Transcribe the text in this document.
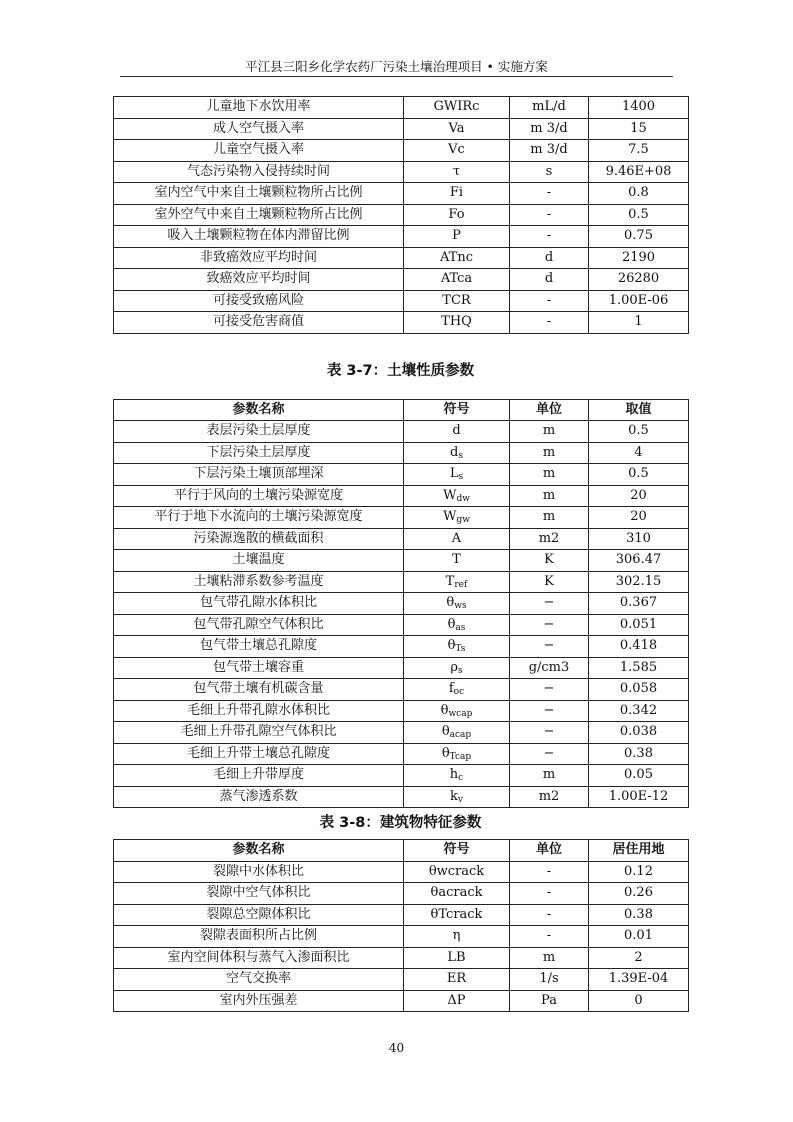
平江县三阳乡化学农药厂污染土壤治理项目 • 实施方案
儿童地下水饮用率	GWIRc	mL/d	1400
成人空气摄入率	Va	m 3/d	15
儿童空气摄入率	Vc	m 3/d	7.5
气态污染物入侵持续时间	τ	s	9.46E+08
室内空气中来自土壤颗粒物所占比例	Fi	-	0.8
室外空气中来自土壤颗粒物所占比例	Fo	-	0.5
吸入土壤颗粒物在体内滞留比例	P	-	0.75
非致癌效应平均时间	ATnc	d	2190
致癌效应平均时间	ATca	d	26280
可接受致癌风险	TCR	-	1.00E-06
可接受危害商值	THQ	-	1
表 3-7：土壤性质参数
参数名称	符号	单位	取值
表层污染土层厚度	d	m	0.5
下层污染土层厚度	$d_s$	m	4
下层污染土壤顶部埋深	$L_s$	m	0.5
平行于风向的土壤污染源宽度	$W_{dw}$	m	20
平行于地下水流向的土壤污染源宽度	$W_{gw}$	m	20
污染源逸散的横截面积	A	m2	310
土壤温度	T	K	306.47
土壤粘滞系数参考温度	$T_{ref}$	K	302.15
包气带孔隙水体积比	$\theta_{ws}$	−	0.367
包气带孔隙空气体积比	$\theta_{as}$	−	0.051
包气带土壤总孔隙度	$\theta_{Ts}$	−	0.418
包气带土壤容重	$\rho_s$	g/cm3	1.585
包气带土壤有机碳含量	$f_{oc}$	−	0.058
毛细上升带孔隙水体积比	$\theta_{wcap}$	−	0.342
毛细上升带孔隙空气体积比	$\theta_{acap}$	−	0.038
毛细上升带土壤总孔隙度	$\theta_{Tcap}$	−	0.38
毛细上升带厚度	$h_c$	m	0.05
蒸气渗透系数	$k_v$	m2	1.00E-12
表 3-8：建筑物特征参数
参数名称	符号	单位	居住用地
裂隙中水体积比	θwcrack	-	0.12
裂隙中空气体积比	θacrack	-	0.26
裂隙总空隙体积比	θTcrack	-	0.38
裂隙表面积所占比例	η	-	0.01
室内空间体积与蒸气入渗面积比	LB	m	2
空气交换率	ER	1/s	1.39E-04
室内外压强差	ΔP	Pa	0
40
